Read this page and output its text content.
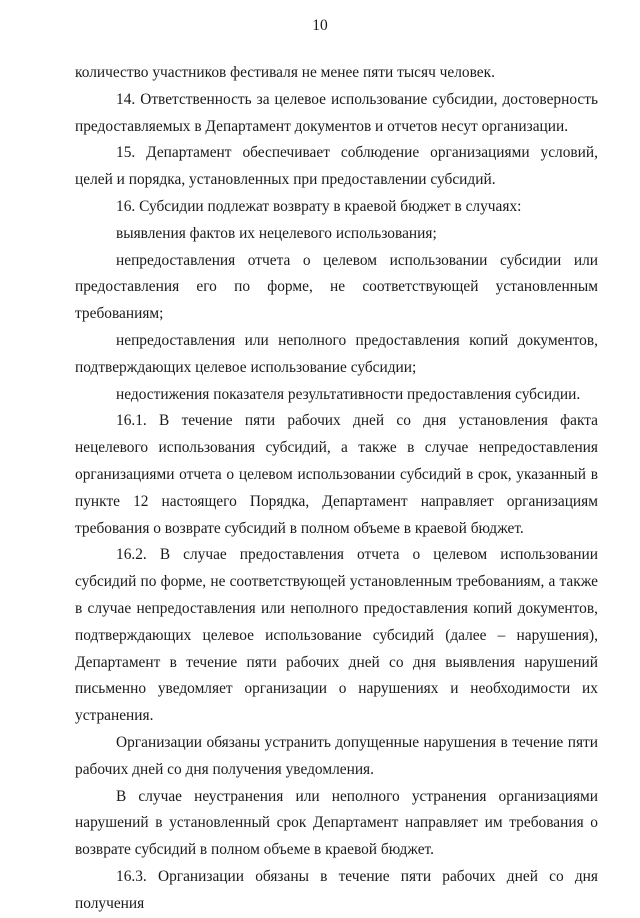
10

количество участников фестиваля не менее пяти тысяч человек.

14. Ответственность за целевое использование субсидии, достоверность предоставляемых в Департамент документов и отчетов несут организации.

15. Департамент обеспечивает соблюдение организациями условий, целей и порядка, установленных при предоставлении субсидий.

16. Субсидии подлежат возврату в краевой бюджет в случаях:

выявления фактов их нецелевого использования;

непредоставления отчета о целевом использовании субсидии или предоставления его по форме, не соответствующей установленным требованиям;

непредоставления или неполного предоставления копий документов, подтверждающих целевое использование субсидии;

недостижения показателя результативности предоставления субсидии.

16.1. В течение пяти рабочих дней со дня установления факта нецелевого использования субсидий, а также в случае непредоставления организациями отчета о целевом использовании субсидий в срок, указанный в пункте 12 настоящего Порядка, Департамент направляет организациям требования о возврате субсидий в полном объеме в краевой бюджет.

16.2. В случае предоставления отчета о целевом использовании субсидий по форме, не соответствующей установленным требованиям, а также в случае непредоставления или неполного предоставления копий документов, подтверждающих целевое использование субсидий (далее – нарушения), Департамент в течение пяти рабочих дней со дня выявления нарушений письменно уведомляет организации о нарушениях и необходимости их устранения.

Организации обязаны устранить допущенные нарушения в течение пяти рабочих дней со дня получения уведомления.

В случае неустранения или неполного устранения организациями нарушений в установленный срок Департамент направляет им требования о возврате субсидий в полном объеме в краевой бюджет.

16.3. Организации обязаны в течение пяти рабочих дней со дня получения
